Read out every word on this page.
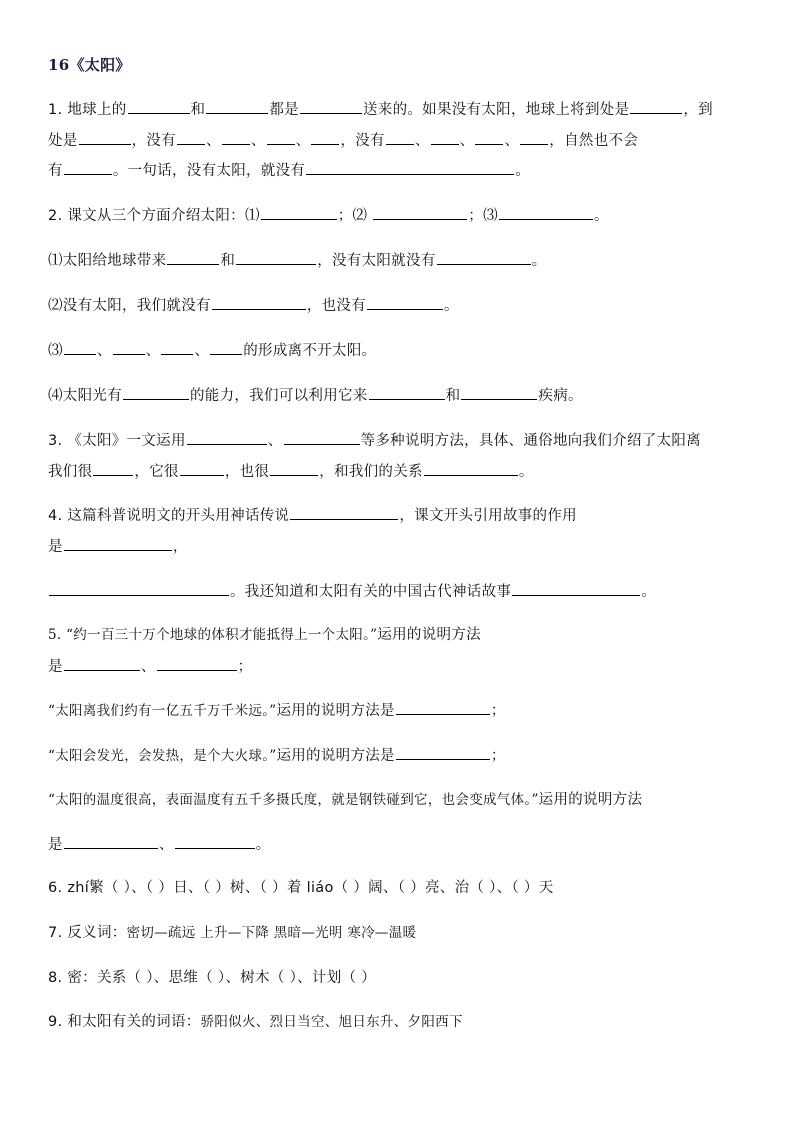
16《太阳》
1. 地球上的	和	都是	送来的。如果没有太阳，地球上将到处是	，到
处是	，没有 、 、 、 ，没有 、 、 、 ，自然也不会
有	。一句话，没有太阳，就没有	。
2. 课文从三个方面介绍太阳：⑴	；⑵	；⑶	。
⑴太阳给地球带来	和	，没有太阳就没有	。
⑵没有太阳，我们就没有	，也没有	。
⑶ 、 、 、 的形成离不开太阳。
⑷太阳光有	的能力，我们可以利用它来	和	疾病。
3. 《太阳》一文运用	、	等多种说明方法，具体、通俗地向我们介绍了太阳离
我们很	，它很	，也很	，和我们的关系	。
4. 这篇科普说明文的开头用神话传说	，课文开头引用故事的作用
是	，
。我还知道和太阳有关的中国古代神话故事	。
5. “约一百三十万个地球的体积才能抵得上一个太阳。”运用的说明方法
是	、	；
“太阳离我们约有一亿五千万千米远。”运用的说明方法是	；
“太阳会发光，会发热，是个大火球。”运用的说明方法是	；
“太阳的温度很高，表面温度有五千多摄氏度，就是钢铁碰到它，也会变成气体。”运用的说明方法
是	、	。
6. zhí繁（ ）、（ ）日、（ ）树、（ ）着 liáo（ ）阔、（ ）亮、治（ ）、（ ）天
7. 反义词：密切—疏远 上升—下降 黑暗—光明 寒冷—温暖
8. 密：关系（ ）、思维（ ）、树木（ ）、计划（ ）
9. 和太阳有关的词语：骄阳似火、烈日当空、旭日东升、夕阳西下
